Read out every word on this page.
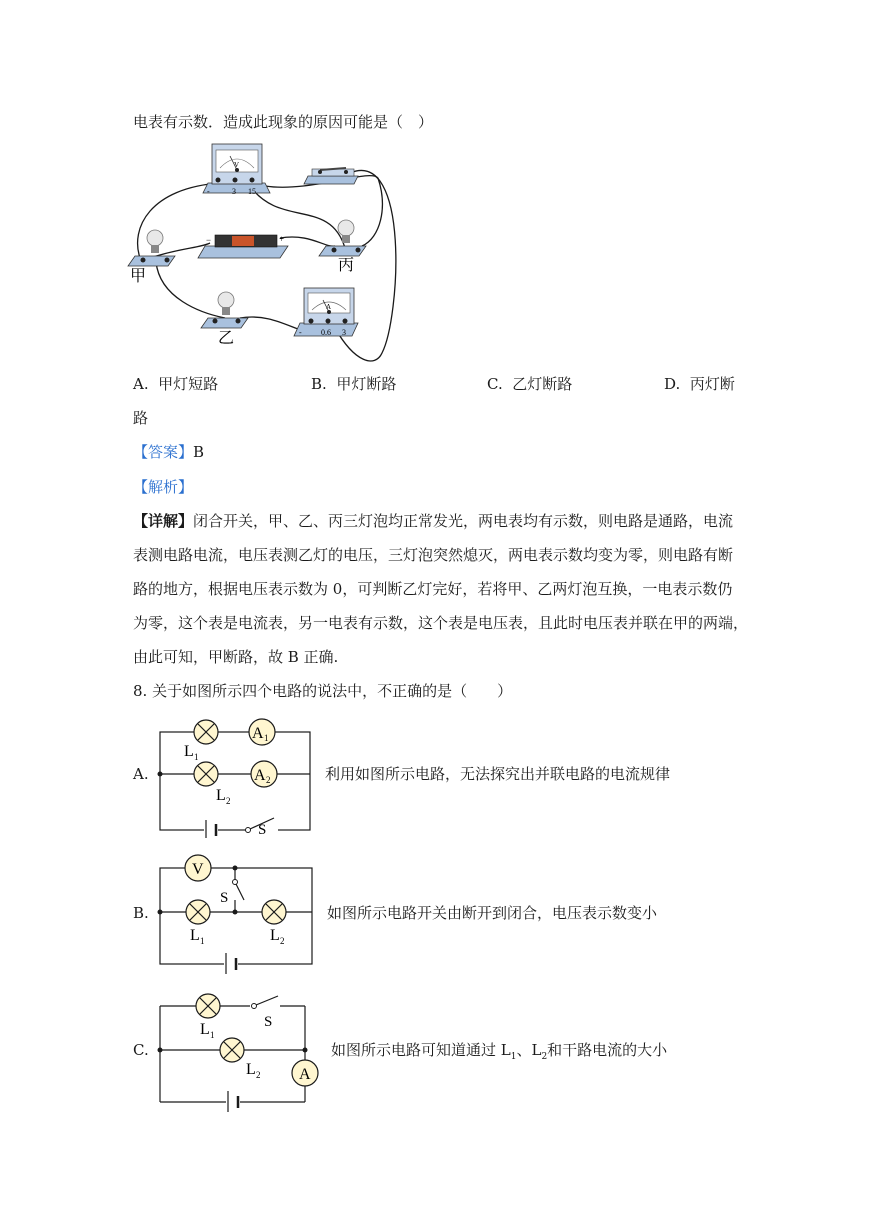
电表有示数．造成此现象的原因可能是（　）
V
-	3 15
−	+
甲
丙
乙
A
- 0.6 3
A. 甲灯短路	B. 甲灯断路	C. 乙灯断路	D. 丙灯断
路
【答案】B
【解析】
【详解】闭合开关，甲、乙、丙三灯泡均正常发光，两电表均有示数，则电路是通路，电流
表测电路电流，电压表测乙灯的电压，三灯泡突然熄灭，两电表示数均变为零，则电路有断
路的地方，根据电压表示数为 0，可判断乙灯完好，若将甲、乙两灯泡互换，一电表示数仍
为零，这个表是电流表，另一电表有示数，这个表是电压表，且此时电压表并联在甲的两端，
由此可知，甲断路，故 B 正确.
8. 关于如图所示四个电路的说法中，不正确的是（　　）
A.
L 1
A 1
L 2
A 2
S
利用如图所示电路，无法探究出并联电路的电流规律
B.
V
S
L 1	L 2
如图所示电路开关由断开到闭合，电压表示数变小
C.
L 1
S
L 2 A
如图所示电路可知道通过 $L_1$、$L_2$和干路电流的大小
